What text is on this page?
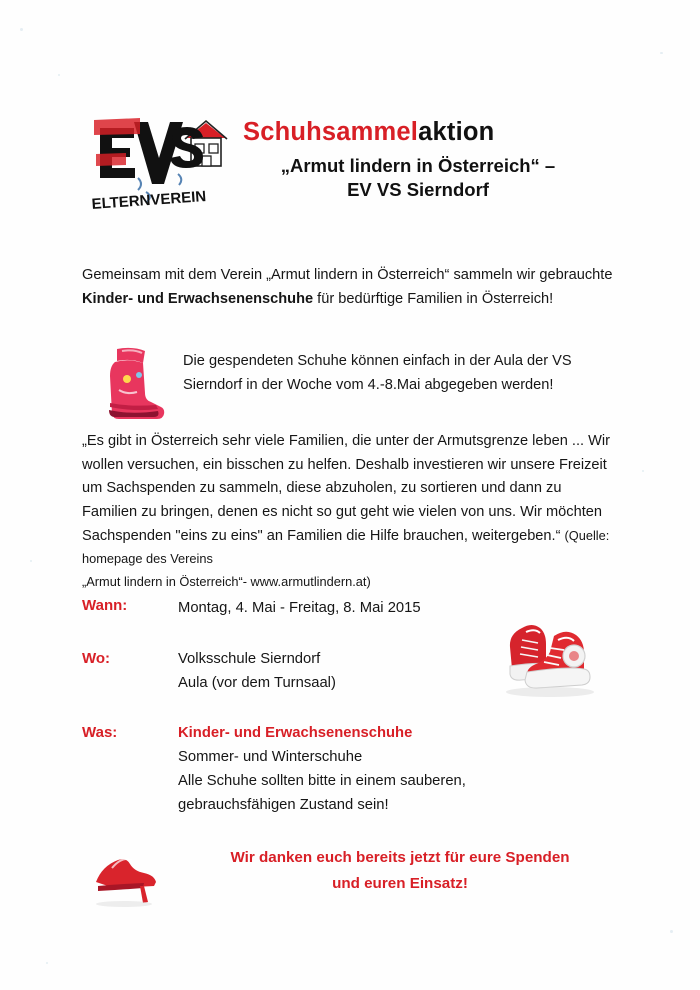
ELTERNVEREIN
Schuhsammelaktion
„Armut lindern in Österreich“ –
EV VS Sierndorf
Gemeinsam mit dem Verein „Armut lindern in Österreich“ sammeln wir gebrauchte Kinder- und Erwachsenenschuhe für bedürftige Familien in Österreich!
Die gespendeten Schuhe können einfach in der Aula der VS Sierndorf in der Woche vom 4.-8.Mai abgegeben werden!
„Es gibt in Österreich sehr viele Familien, die unter der Armutsgrenze leben ... Wir wollen versuchen, ein bisschen zu helfen. Deshalb investieren wir unsere Freizeit um Sachspenden zu sammeln, diese abzuholen, zu sortieren und dann zu Familien zu bringen, denen es nicht so gut geht wie vielen von uns. Wir möchten Sachspenden "eins zu eins" an Familien die Hilfe brauchen, weitergeben.“ (Quelle: homepage des Vereins
„Armut lindern in Österreich“- www.armutlindern.at)
Wann:	Montag, 4. Mai - Freitag, 8. Mai 2015
Wo:	Volksschule Sierndorf
Aula (vor dem Turnsaal)
Was:	Kinder- und Erwachsenenschuhe
Sommer- und Winterschuhe
Alle Schuhe sollten bitte in einem sauberen,
gebrauchsfähigen Zustand sein!
Wir danken euch bereits jetzt für eure Spenden
und euren Einsatz!
